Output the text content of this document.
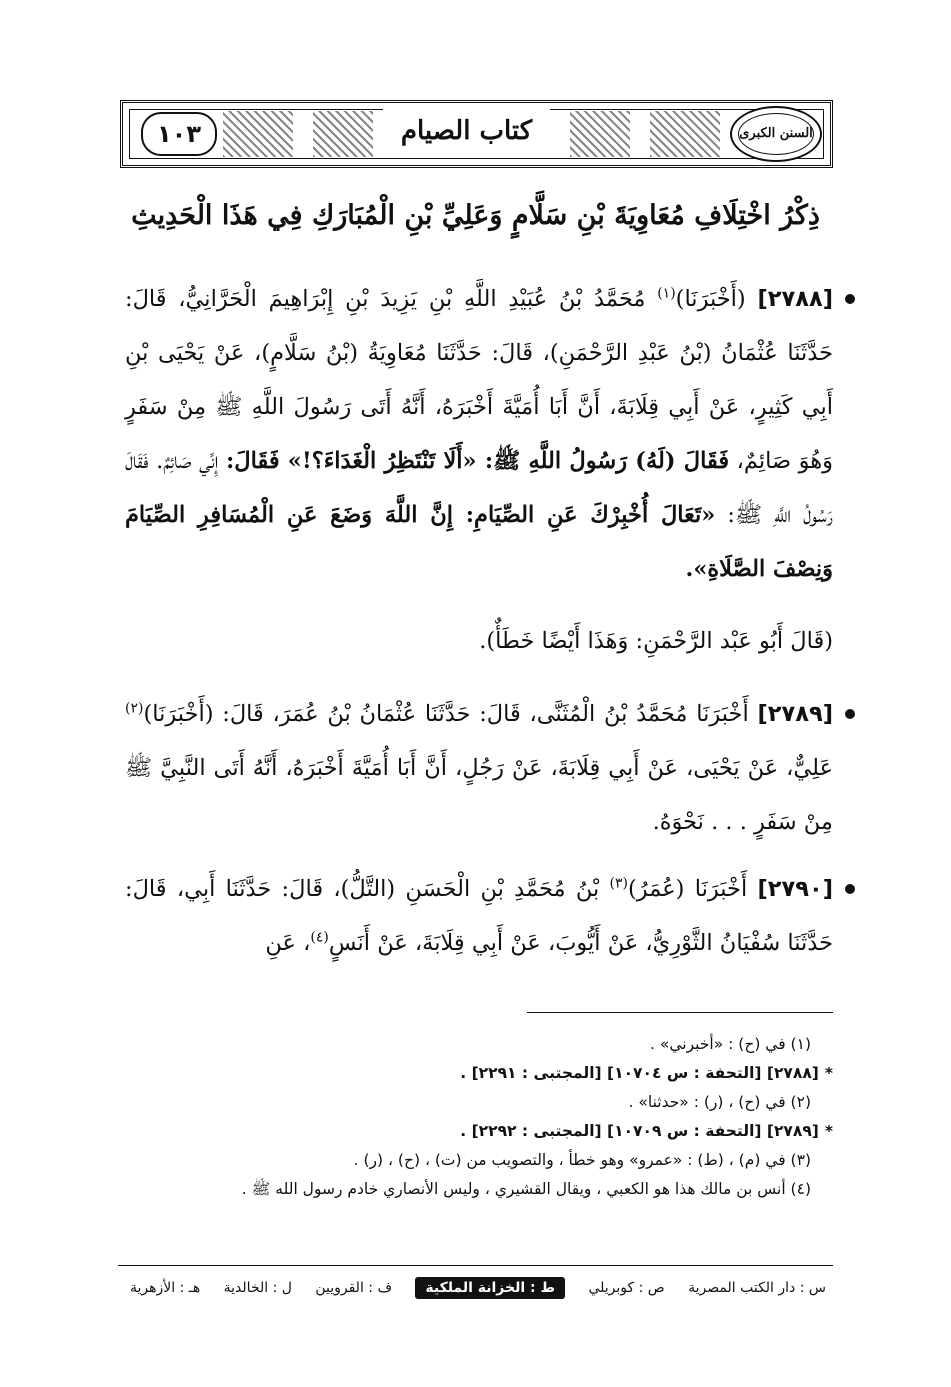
١٠٣	كتاب الصيام	السنن الكبرى
ذِكْرُ اخْتِلَافِ مُعَاوِيَةَ بْنِ سَلَّامٍ وَعَلِيِّ بْنِ الْمُبَارَكِ فِي هَذَا الْحَدِيثِ
[٢٧٨٨] (أَخْبَرَنَا)$^{(١)}$ مُحَمَّدُ بْنُ عُبَيْدِ اللَّهِ بْنِ يَزِيدَ بْنِ إِبْرَاهِيمَ الْحَرَّانِيُّ، قَالَ: حَدَّثَنَا عُثْمَانُ (بْنُ عَبْدِ الرَّحْمَنِ)، قَالَ: حَدَّثَنَا مُعَاوِيَةُ (بْنُ سَلَّامٍ)، عَنْ يَحْيَى بْنِ أَبِي كَثِيرٍ، عَنْ أَبِي قِلَابَةَ، أَنَّ أَبَا أُمَيَّةَ أَخْبَرَهُ، أَنَّهُ أَتَى رَسُولَ اللَّهِ ﷺ مِنْ سَفَرٍ وَهُوَ صَائِمٌ، فَقَالَ (لَهُ) رَسُولُ اللَّهِ ﷺ: «أَلَا تَنْتَظِرُ الْغَدَاءَ؟!» فَقَالَ: إِنِّي صَائِمٌ. فَقَالَ رَسُولُ اللَّهِ ﷺ: «تَعَالَ أُخْبِرْكَ عَنِ الصِّيَامِ: إِنَّ اللَّهَ وَضَعَ عَنِ الْمُسَافِرِ الصِّيَامَ وَنِصْفَ الصَّلَاةِ».
(قَالَ أَبُو عَبْد الرَّحْمَنِ: وَهَذَا أَيْضًا خَطَأٌ).
[٢٧٨٩] أَخْبَرَنَا مُحَمَّدُ بْنُ الْمُثَنَّى، قَالَ: حَدَّثَنَا عُثْمَانُ بْنُ عُمَرَ، قَالَ: (أَخْبَرَنَا)$^{(٢)}$ عَلِيٌّ، عَنْ يَحْيَى، عَنْ أَبِي قِلَابَةَ، عَنْ رَجُلٍ، أَنَّ أَبَا أُمَيَّةَ أَخْبَرَهُ، أَنَّهُ أَتَى النَّبِيَّ ﷺ مِنْ سَفَرٍ . . . نَحْوَهُ.
[٢٧٩٠] أَخْبَرَنَا (عُمَرُ)$^{(٣)}$ بْنُ مُحَمَّدِ بْنِ الْحَسَنِ (التَّلُّ)، قَالَ: حَدَّثَنَا أَبِي، قَالَ: حَدَّثَنَا سُفْيَانُ الثَّوْرِيُّ، عَنْ أَيُّوبَ، عَنْ أَبِي قِلَابَةَ، عَنْ أَنَسٍ$^{(٤)}$، عَنِ
(١) في (ح) : «أخبرني» .
*[٢٧٨٨] [التحفة : س ١٠٧٠٤] [المجتبى : ٢٢٩١] .
(٢) في (ح) ، (ر) : «حدثنا» .
*[٢٧٨٩] [التحفة : س ١٠٧٠٩] [المجتبى : ٢٢٩٢] .
(٣) في (م) ، (ط) : «عمرو» وهو خطأ ، والتصويب من (ت) ، (ح) ، (ر) .
(٤) أنس بن مالك هذا هو الكعبي ، ويقال القشيري ، وليس الأنصاري خادم رسول الله ﷺ .
س : دار الكتب المصرية
ص : كوبريلي
ط : الخزانة الملكية
ف : القرويين
ل : الخالدية
هـ : الأزهرية
